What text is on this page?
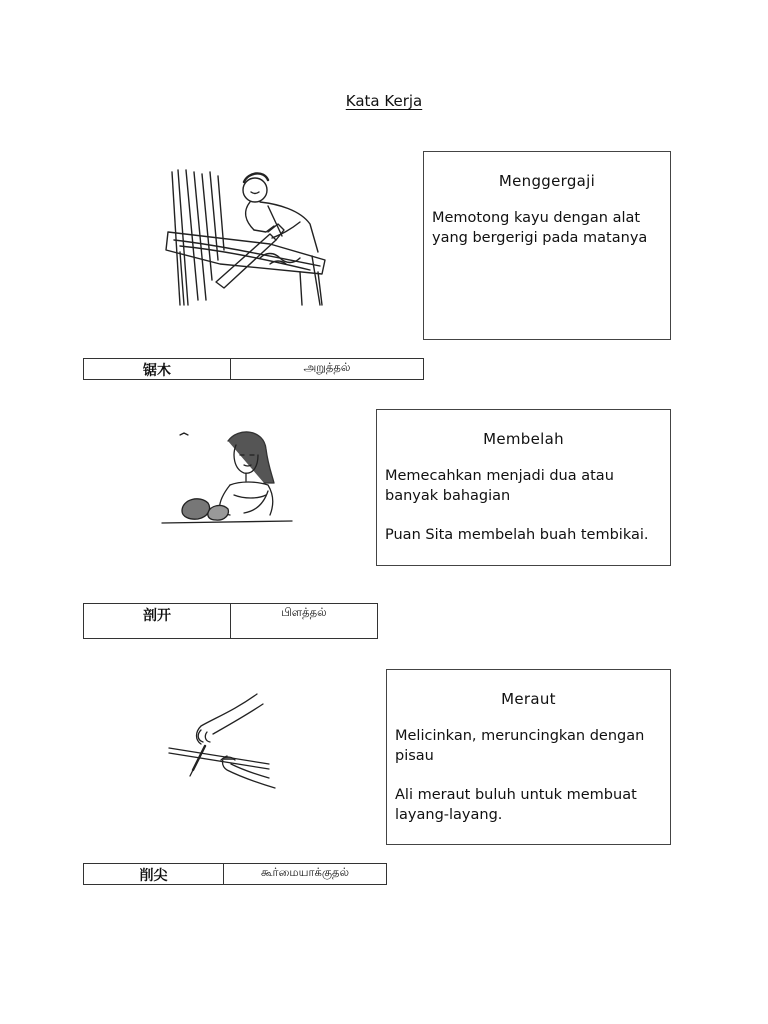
Kata Kerja
Menggergaji
Memotong kayu dengan alat yang bergerigi pada matanya
锯木	அறுத்தல்
Membelah
Memecahkan menjadi dua atau banyak bahagian
Puan Sita membelah buah tembikai.
剖开	பிளத்தல்
Meraut
Melicinkan, meruncingkan dengan pisau
Ali meraut buluh untuk membuat layang-layang.
削尖	கூர்மையாக்குதல்
